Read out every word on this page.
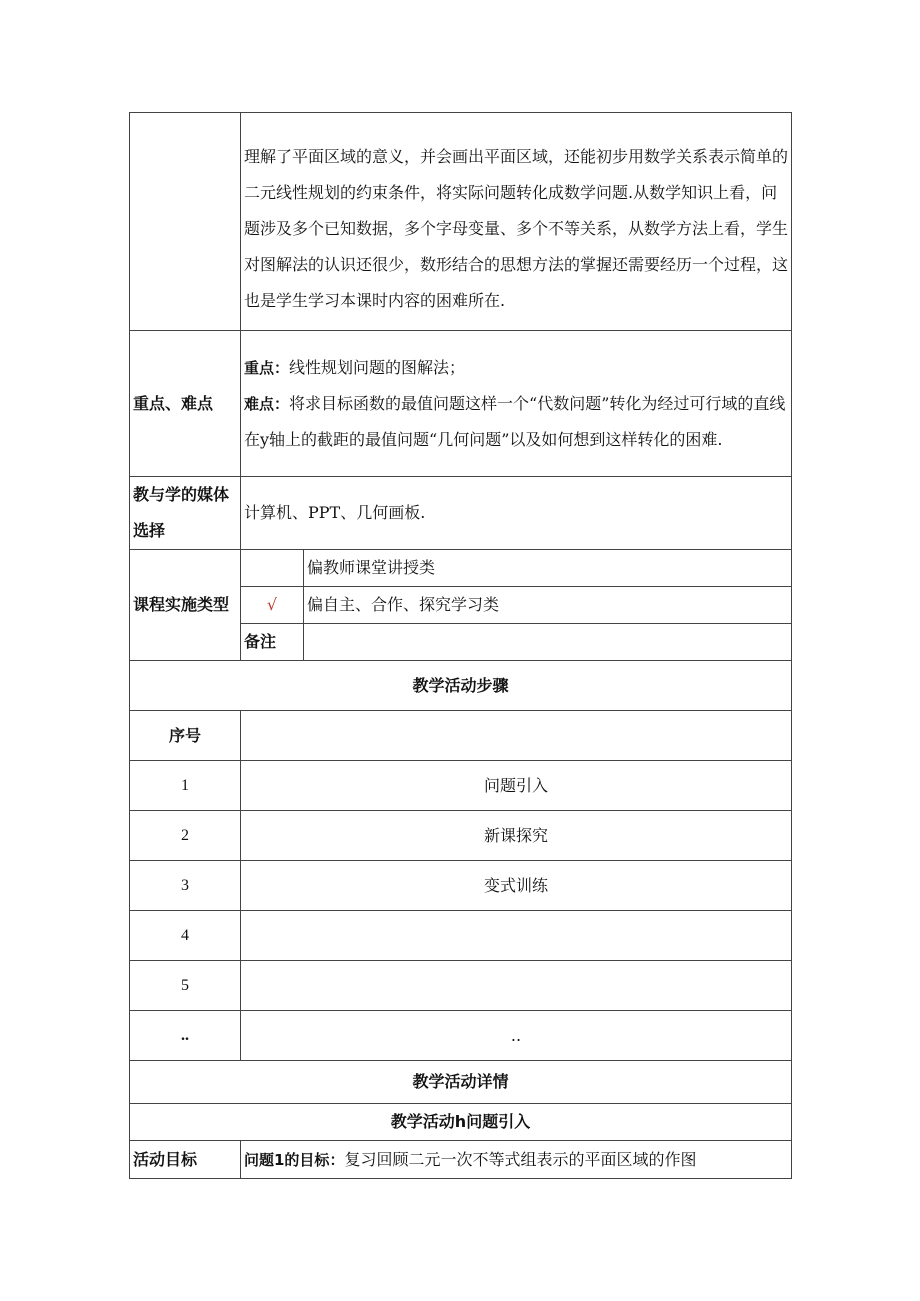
	理解了平面区域的意义，并会画出平面区域，还能初步用数学关系表示简单的二元线性规划的约束条件，将实际问题转化成数学问题.从数学知识上看，问题涉及多个已知数据，多个字母变量、多个不等关系，从数学方法上看，学生对图解法的认识还很少，数形结合的思想方法的掌握还需要经历一个过程，这也是学生学习本课时内容的困难所在.	
重点、难点	重点：线性规划问题的图解法；
难点：将求目标函数的最值问题这样一个“代数问题”转化为经过可行域的直线在y轴上的截距的最值问题“几何问题”以及如何想到这样转化的困难.	

教与学的媒体选择	计算机、PPT、几何画板.	
课程实施类型		偏教师课堂讲授类
	√	偏自主、合作、探究学习类
	备注	
教学活动步骤		
序号		
1	问题引入	
2	新课探究	
3	变式训练	
4		
5		
..	..	
教学活动详情		
教学活动h问题引入		
活动目标	问题1的目标：复习回顾二元一次不等式组表示的平面区域的作图	
